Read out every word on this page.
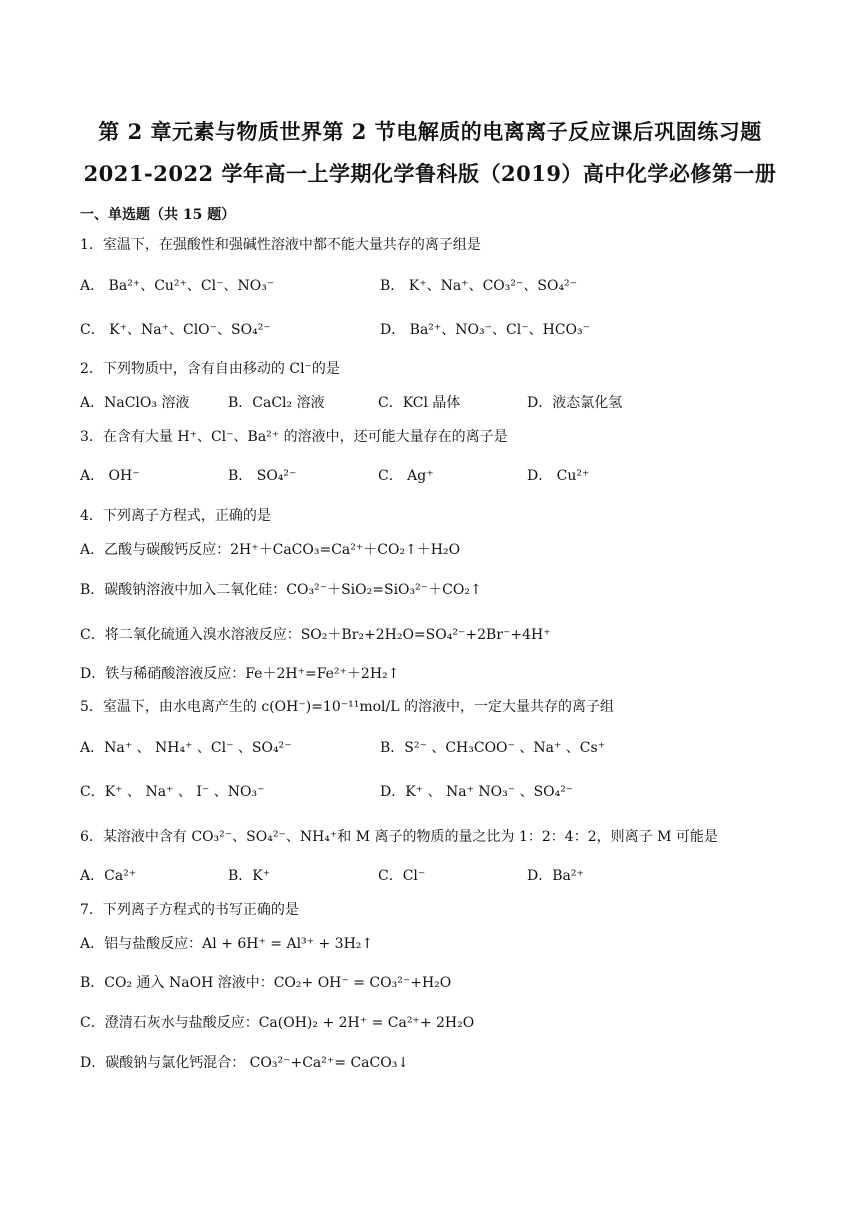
第 2 章元素与物质世界第 2 节电解质的电离离子反应课后巩固练习题
2021-2022 学年高一上学期化学鲁科版（2019）高中化学必修第一册
一、单选题（共 15 题）
1．室温下，在强酸性和强碱性溶液中都不能大量共存的离子组是
A． Ba²⁺、Cu²⁺、Cl⁻、NO₃⁻	B． K⁺、Na⁺、CO₃²⁻、SO₄²⁻
C． K⁺、Na⁺、ClO⁻、SO₄²⁻	D． Ba²⁺、NO₃⁻、Cl⁻、HCO₃⁻
2．下列物质中，含有自由移动的 Cl⁻的是
A．NaClO₃ 溶液	B．CaCl₂ 溶液	C．KCl 晶体	D．液态氯化氢
3．在含有大量 H⁺、Cl⁻、Ba²⁺ 的溶液中，还可能大量存在的离子是
A． OH⁻	B． SO₄²⁻	C． Ag⁺	D． Cu²⁺
4．下列离子方程式，正确的是
A．乙酸与碳酸钙反应：2H⁺＋CaCO₃=Ca²⁺＋CO₂↑＋H₂O
B．碳酸钠溶液中加入二氧化硅：CO₃²⁻＋SiO₂=SiO₃²⁻＋CO₂↑
C．将二氧化硫通入溴水溶液反应：SO₂＋Br₂+2H₂O=SO₄²⁻+2Br⁻+4H⁺
D．铁与稀硝酸溶液反应：Fe＋2H⁺=Fe²⁺＋2H₂↑
5．室温下，由水电离产生的 c(OH⁻)=10⁻¹¹mol/L 的溶液中，一定大量共存的离子组
A．Na⁺ 、 NH₄⁺ 、Cl⁻ 、SO₄²⁻	B．S²⁻ 、CH₃COO⁻ 、Na⁺ 、Cs⁺
C．K⁺ 、 Na⁺ 、 I⁻ 、NO₃⁻	D．K⁺ 、 Na⁺ NO₃⁻ 、SO₄²⁻
6．某溶液中含有 CO₃²⁻、SO₄²⁻、NH₄⁺和 M 离子的物质的量之比为 1：2：4：2，则离子 M 可能是
A．Ca²⁺	B．K⁺	C．Cl⁻	D．Ba²⁺
7．下列离子方程式的书写正确的是
A．铝与盐酸反应：Al + 6H⁺ = Al³⁺ + 3H₂↑
B．CO₂ 通入 NaOH 溶液中：CO₂+ OH⁻ = CO₃²⁻+H₂O
C．澄清石灰水与盐酸反应：Ca(OH)₂ + 2H⁺ = Ca²⁺+ 2H₂O
D．碳酸钠与氯化钙混合： CO₃²⁻+Ca²⁺= CaCO₃↓
